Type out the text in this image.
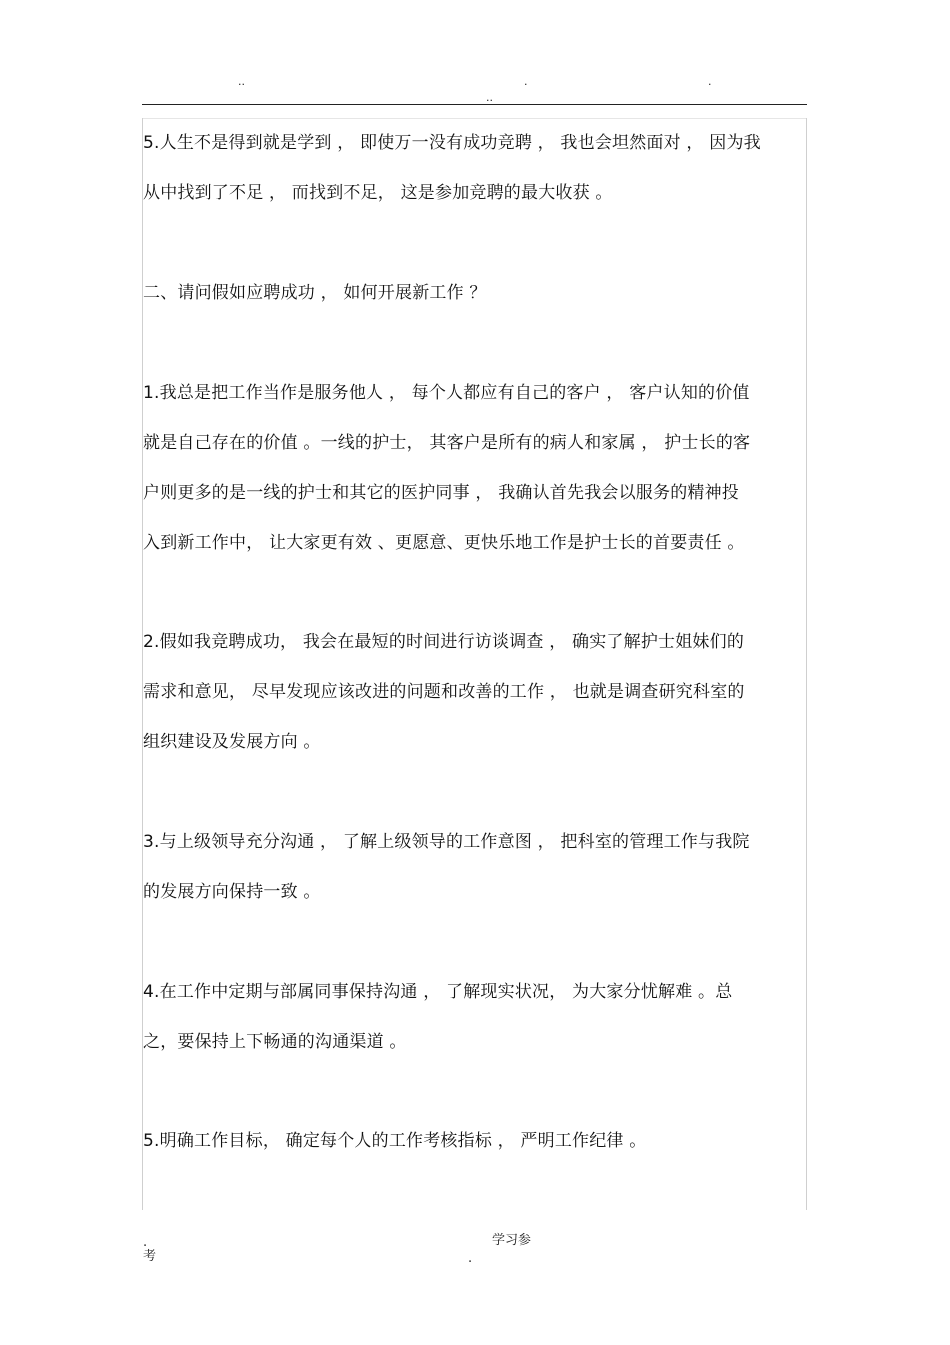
..	.	.
..
5.人生不是得到就是学到 ， 即使万一没有成功竞聘 ， 我也会坦然面对 ， 因为我
从中找到了不足 ， 而找到不足， 这是参加竞聘的最大收获 。
二、请问假如应聘成功 ， 如何开展新工作 ？
1.我总是把工作当作是服务他人 ， 每个人都应有自己的客户 ， 客户认知的价值
就是自己存在的价值 。一线的护士， 其客户是所有的病人和家属 ， 护士长的客
户则更多的是一线的护士和其它的医护同事 ， 我确认首先我会以服务的精神投
入到新工作中， 让大家更有效 、更愿意、更快乐地工作是护士长的首要责任 。
2.假如我竞聘成功， 我会在最短的时间进行访谈调查 ， 确实了解护士姐妹们的
需求和意见， 尽早发现应该改进的问题和改善的工作 ， 也就是调查研究科室的
组织建设及发展方向 。
3.与上级领导充分沟通 ， 了解上级领导的工作意图 ， 把科室的管理工作与我院
的发展方向保持一致 。
4.在工作中定期与部属同事保持沟通 ， 了解现实状况， 为大家分忧解难 。总
之，要保持上下畅通的沟通渠道 。
5.明确工作目标， 确定每个人的工作考核指标 ， 严明工作纪律 。
.
考
学习参
.
